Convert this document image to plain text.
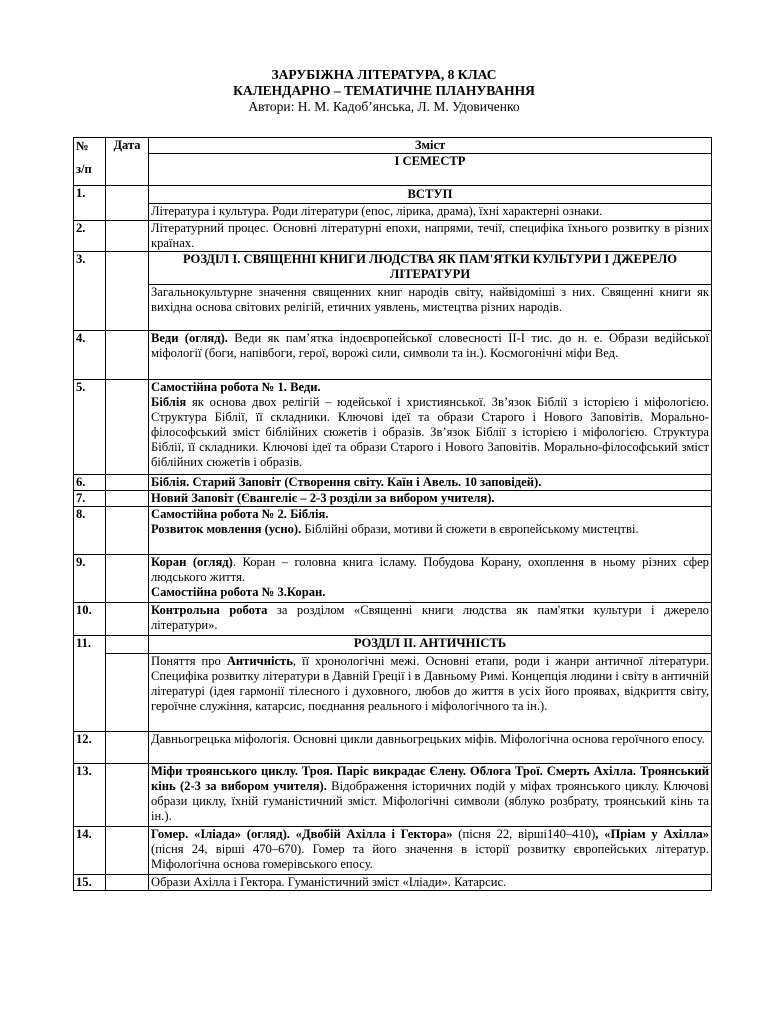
ЗАРУБІЖНА ЛІТЕРАТУРА, 8 КЛАС
КАЛЕНДАРНО – ТЕМАТИЧНЕ ПЛАНУВАННЯ
Автори: Н. М. Кадоб’янська, Л. М. Удовиченко
№
з/п	Дата	Зміст
		І СЕМЕСТР
1.		ВСТУП
		Література і культура. Роди літератури (епос, лірика, драма), їхні характерні ознаки.
2.		Літературний процес. Основні літературні епохи, напрями, течії, специфіка їхнього розвитку в різних країнах.
3.		РОЗДІЛ І. СВЯЩЕННІ КНИГИ ЛЮДСТВА ЯК ПАМ'ЯТКИ КУЛЬТУРИ І ДЖЕРЕЛО ЛІТЕРАТУРИ
		Загальнокультурне значення священних книг народів світу, найвідоміші з них. Священні книги як вихідна основа світових релігій, етичних уявлень, мистецтва різних народів.
4.		Веди (огляд). Веди як пам’ятка індоєвропейської словесності ІІ-І тис. до н. е. Образи ведійської міфології (боги, напівбоги, герої, ворожі сили, символи та ін.). Космогонічні міфи Вед.
5.		Самостійна робота № 1. Веди.
Біблія як основа двох релігій – юдейської і християнської. Зв’язок Біблії з історією і міфологією. Структура Біблії, її складники. Ключові ідеї та образи Старого і Нового Заповітів. Морально-філософський зміст біблійних сюжетів і образів. Зв’язок Біблії з історією і міфологією. Структура Біблії, її складники. Ключові ідеї та образи Старого і Нового Заповітів. Морально-філософський зміст біблійних сюжетів і образів.
6.		Біблія. Старий Заповіт (Створення світу. Каїн і Авель. 10 заповідей).
7.		Новий Заповіт (Євангеліє – 2-3 розділи за вибором учителя).
8.		Самостійна робота № 2. Біблія.
Розвиток мовлення (усно). Біблійні образи, мотиви й сюжети в європейському мистецтві.
9.		Коран (огляд). Коран – головна книга ісламу. Побудова Корану, охоплення в ньому різних сфер людського життя.
Самостійна робота № 3.Коран.

10.		Контрольна робота за розділом «Священні книги людства як пам'ятки культури і джерело літератури».
11.		РОЗДІЛ ІІ. АНТИЧНІСТЬ
		Поняття про Античність, її хронологічні межі. Основні етапи, роди і жанри античної літератури. Специфіка розвитку літератури в Давній Греції і в Давньому Римі. Концепція людини і світу в античній літературі (ідея гармонії тілесного і духовного, любов до життя в усіх його проявах, відкриття світу, героїчне служіння, катарсис, поєднання реального і міфологічного та ін.).
12.		Давньогрецька міфологія. Основні цикли давньогрецьких міфів. Міфологічна основа героїчного епосу.
13.		Міфи троянського циклу. Троя. Паріс викрадає Єлену. Облога Трої. Смерть Ахілла. Троянський кінь (2-3 за вибором учителя). Відображення історичних подій у міфах троянського циклу. Ключові образи циклу, їхній гуманістичний зміст. Міфологічні символи (яблуко розбрату, троянський кінь та ін.).
14.		Гомер. «Іліада» (огляд). «Двобій Ахілла і Гектора» (пісня 22, вірші140–410), «Пріам у Ахілла» (пісня 24, вірші 470–670). Гомер та його значення в історії розвитку європейських літератур. Міфологічна основа гомерівського епосу.
15.		Образи Ахілла і Гектора. Гуманістичний зміст «Іліади». Катарсис.
